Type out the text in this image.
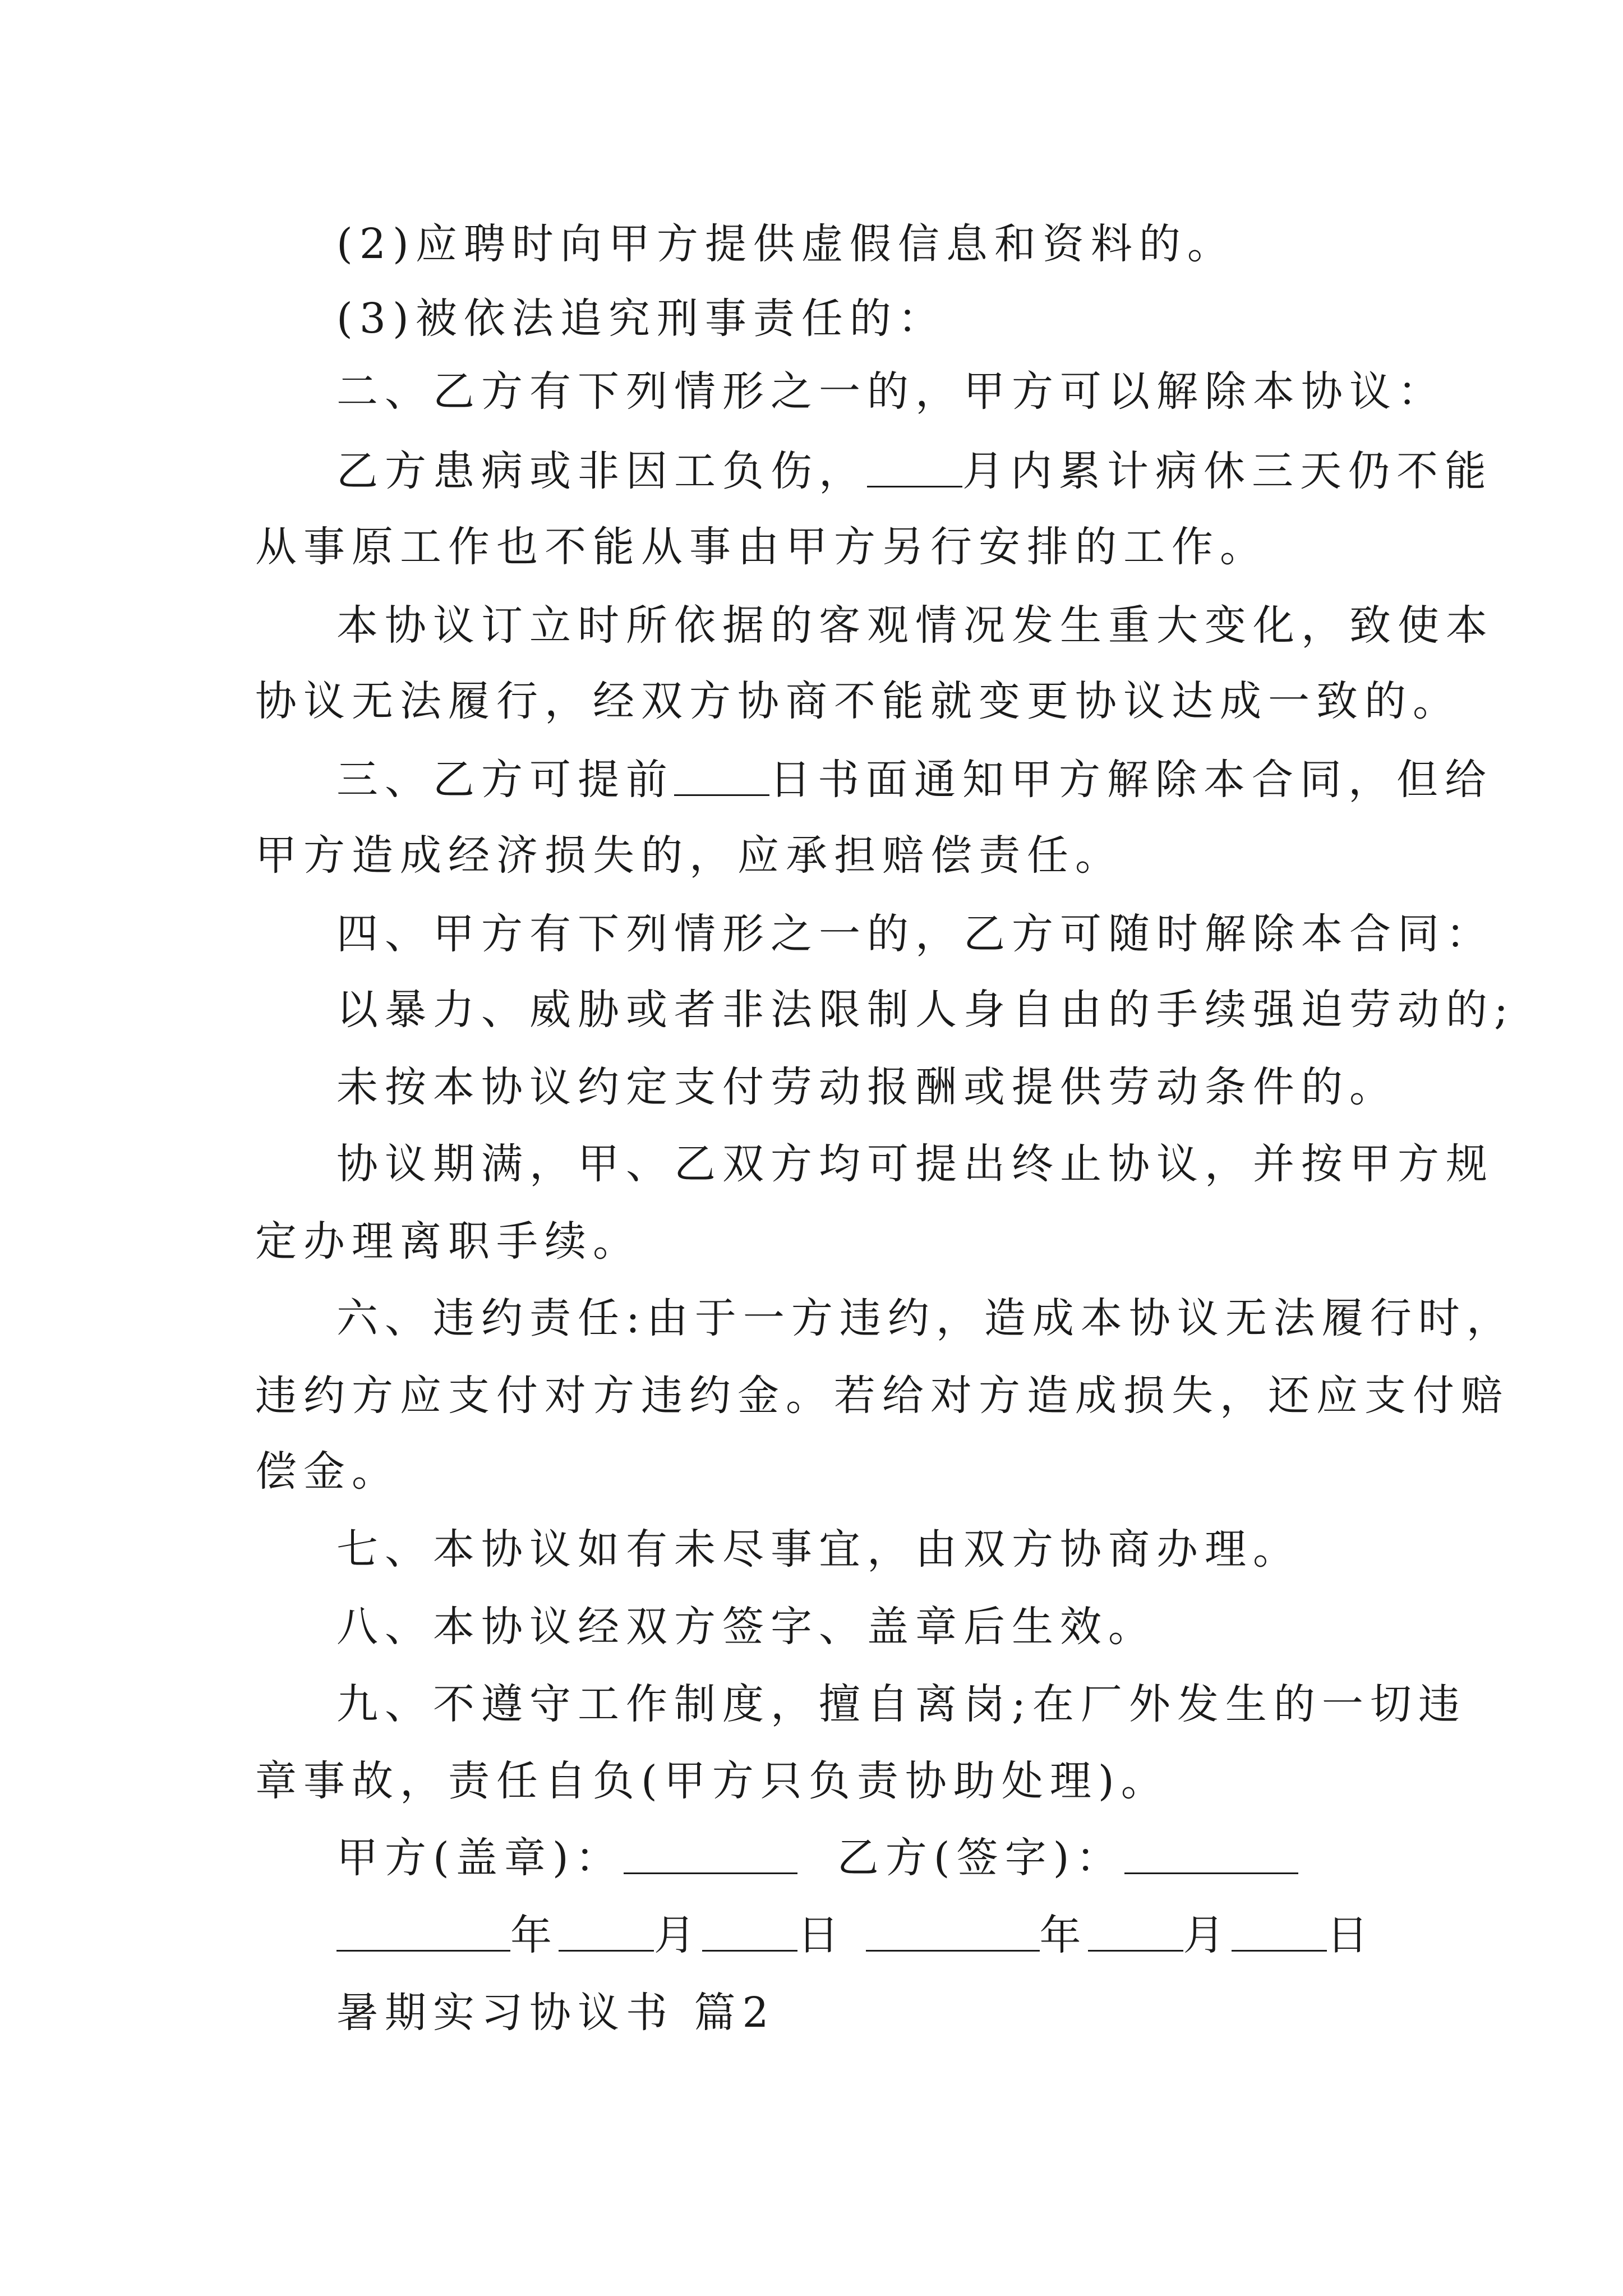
(2)应聘时向甲方提供虚假信息和资料的。
(3)被依法追究刑事责任的：
二、乙方有下列情形之一的，甲方可以解除本协议：
乙方患病或非因工负伤， 月内累计病休三天仍不能
从事原工作也不能从事由甲方另行安排的工作。
本协议订立时所依据的客观情况发生重大变化，致使本
协议无法履行，经双方协商不能就变更协议达成一致的。
三、乙方可提前 日书面通知甲方解除本合同，但给
甲方造成经济损失的，应承担赔偿责任。
四、甲方有下列情形之一的，乙方可随时解除本合同：
以暴力、威胁或者非法限制人身自由的手续强迫劳动的;
未按本协议约定支付劳动报酬或提供劳动条件的。
协议期满，甲、乙双方均可提出终止协议，并按甲方规
定办理离职手续。
六、违约责任:由于一方违约，造成本协议无法履行时，
违约方应支付对方违约金。若给对方造成损失，还应支付赔
偿金。
七、本协议如有未尽事宜，由双方协商办理。
八、本协议经双方签字、盖章后生效。
九、不遵守工作制度，擅自离岗;在厂外发生的一切违
章事故，责任自负(甲方只负责协助处理)。
甲方(盖章)：	乙方(签字)：
年 月 日	年 月 日
暑期实习协议书 篇2
